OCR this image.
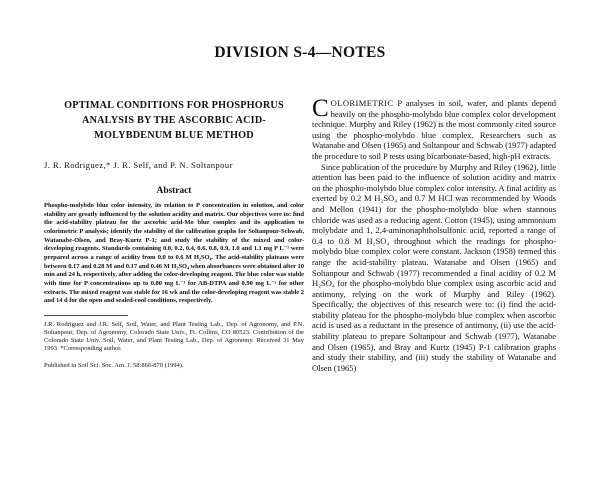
DIVISION S-4—NOTES

OPTIMAL CONDITIONS FOR PHOSPHORUS

ANALYSIS BY THE ASCORBIC ACID-

MOLYBDENUM BLUE METHOD

J. R. Rodriguez,* J. R. Self, and P. N. Soltanpour
Abstract

Phospho-molybdo blue color intensity, its relation to P concentration in solution, and color stability are greatly influenced by the solution acidity and matrix. Our objectives were to: find the acid-stability plateau for the ascorbic acid-Mo blue complex and its application to colorimetric P analysis; identify the stability of the calibration graphs for Soltanpour-Schwab, Watanabe-Olsen, and Bray-Kurtz P-1; and study the stability of the mixed and color-developing reagents. Standards containing 0.0, 0.2, 0.4, 0.6, 0.8, 0.9, 1.0 and 1.1 mg P L⁻¹ were prepared across a range of acidity from 0.0 to 0.6 M H₂SO₄. The acid-stability plateaus were between 0.17 and 0.28 M and 0.17 and 0.46 M H₂SO₄ when absorbances were obtained after 10 min and 24 h, respectively, after adding the color-developing reagent. The blue color was stable with time for P concentrations up to 0.80 mg L⁻¹ for AB-DTPA and 0.90 mg L⁻¹ for other extracts. The mixed reagent was stable for 16 wk and the color-developing reagent was stable 2 and 14 d for the open and sealed-cool conditions, respectively.

J.R. Rodriguez and J.R. Self, Soil, Water, and Plant Testing Lab., Dep. of Agronomy, and P.N. Soltanpour, Dep. of Agronomy, Colorado State Univ., Ft. Collins, CO 80523. Contribution of the Colorado State Univ. Soil, Water, and Plant Testing Lab., Dep. of Agronomy. Received 31 May 1993. *Corresponding author.

Published in Soil Sci. Soc. Am. J. 58:866-870 (1994).

COLORIMETRIC P analyses in soil, water, and plants depend heavily on the phospho-molybdo blue complex color development technique. Murphy and Riley (1962) is the most commonly cited source using the phospho-molybdo blue complex. Researchers such as Watanabe and Olsen (1965) and Soltanpour and Schwab (1977) adapted the procedure to soil P tests using bicarbonate-based, high-pH extracts.

Since publication of the procedure by Murphy and Riley (1962), little attention has been paid to the influence of solution acidity and matrix on the phospho-molybdo blue complex color intensity. A final acidity as exerted by 0.2 M H₂SO₄ and 0.7 M HCl was recommended by Woods and Mellon (1941) for the phospho-molybdo blue when stannous chloride was used as a reducing agent. Cotton (1945), using ammonium molybdate and 1, 2,4-aminonaphtholsulfonic acid, reported a range of 0.4 to 0.8 M H₂SO₄ throughout which the readings for phospho-molybdo blue complex color were constant. Jackson (1958) termed this range the acid-stability plateau. Watanabe and Olsen (1965) and Soltanpour and Schwab (1977) recommended a final acidity of 0.2 M H₂SO₄ for the phospho-molybdo blue complex using ascorbic acid and antimony, relying on the work of Murphy and Riley (1962). Specifically, the objectives of this research were to: (i) find the acid-stability plateau for the phospho-molybdo blue complex when ascorbic acid is used as a reductant in the presence of antimony, (ii) use the acid-stability plateau to prepare Soltanpour and Schwab (1977), Watanabe and Olsen (1965), and Bray and Kurtz (1945) P-1 calibration graphs and study their stability, and (iii) study the stability of Watanabe and Olsen (1965)
